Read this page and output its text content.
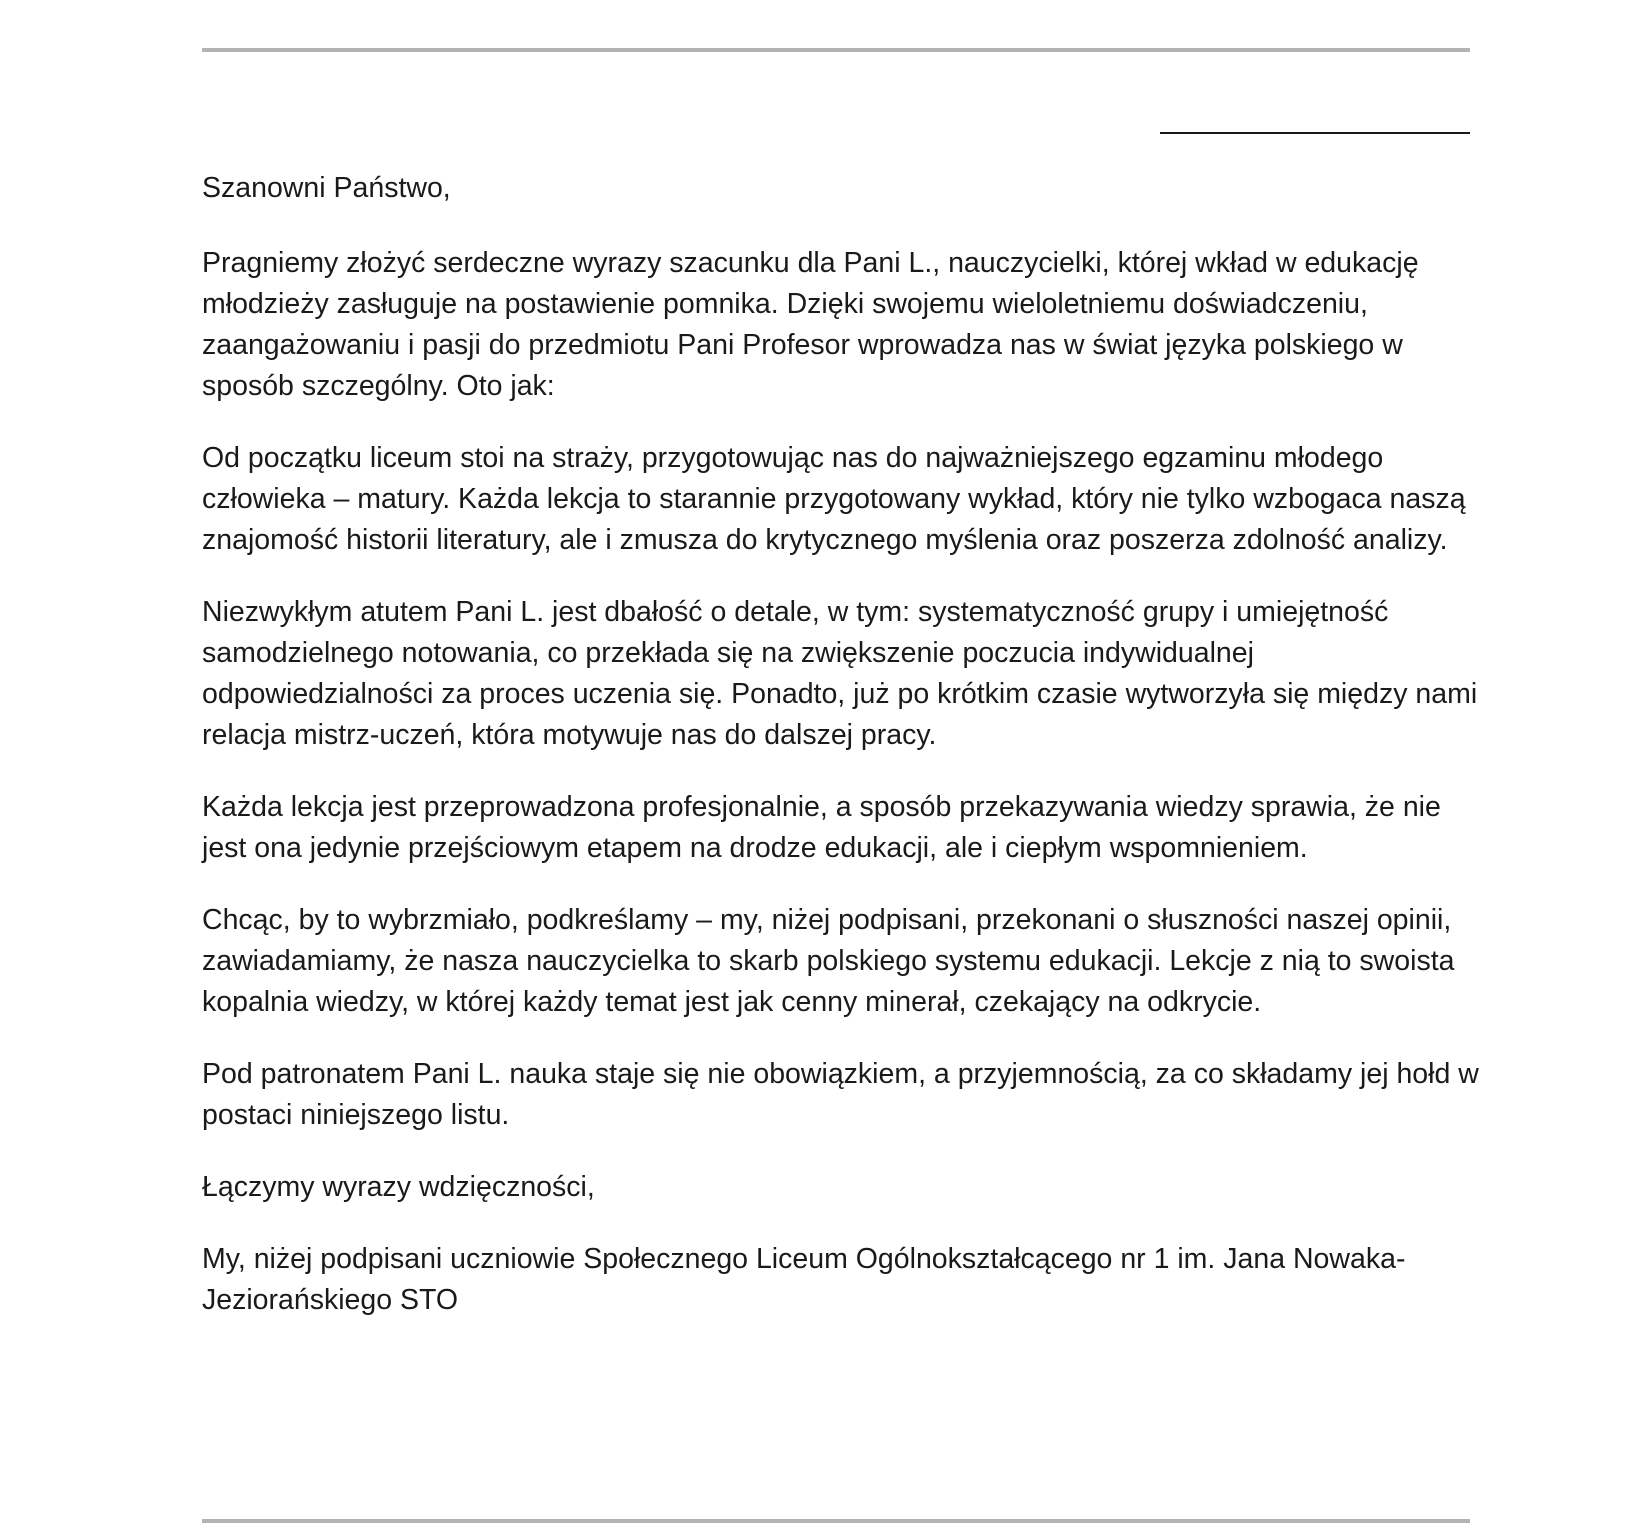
Szanowni Państwo,

Pragniemy złożyć serdeczne wyrazy szacunku dla Pani L., nauczycielki, której wkład w edukację młodzieży zasługuje na postawienie pomnika. Dzięki swojemu wieloletniemu doświadczeniu, zaangażowaniu i pasji do przedmiotu Pani Profesor wprowadza nas w świat języka polskiego w sposób szczególny. Oto jak:

Od początku liceum stoi na straży, przygotowując nas do najważniejszego egzaminu młodego człowieka – matury. Każda lekcja to starannie przygotowany wykład, który nie tylko wzbogaca naszą znajomość historii literatury, ale i zmusza do krytycznego myślenia oraz poszerza zdolność analizy.

Niezwykłym atutem Pani L. jest dbałość o detale, w tym: systematyczność grupy i umiejętność samodzielnego notowania, co przekłada się na zwiększenie poczucia indywidualnej odpowiedzialności za proces uczenia się. Ponadto, już po krótkim czasie wytworzyła się między nami relacja mistrz-uczeń, która motywuje nas do dalszej pracy.

Każda lekcja jest przeprowadzona profesjonalnie, a sposób przekazywania wiedzy sprawia, że nie jest ona jedynie przejściowym etapem na drodze edukacji, ale i ciepłym wspomnieniem.

Chcąc, by to wybrzmiało, podkreślamy – my, niżej podpisani, przekonani o słuszności naszej opinii, zawiadamiamy, że nasza nauczycielka to skarb polskiego systemu edukacji. Lekcje z nią to swoista kopalnia wiedzy, w której każdy temat jest jak cenny minerał, czekający na odkrycie.

Pod patronatem Pani L. nauka staje się nie obowiązkiem, a przyjemnością, za co składamy jej hołd w postaci niniejszego listu.

Łączymy wyrazy wdzięczności,

My, niżej podpisani uczniowie Społecznego Liceum Ogólnokształcącego nr 1 im. Jana Nowaka-Jeziorańskiego STO
